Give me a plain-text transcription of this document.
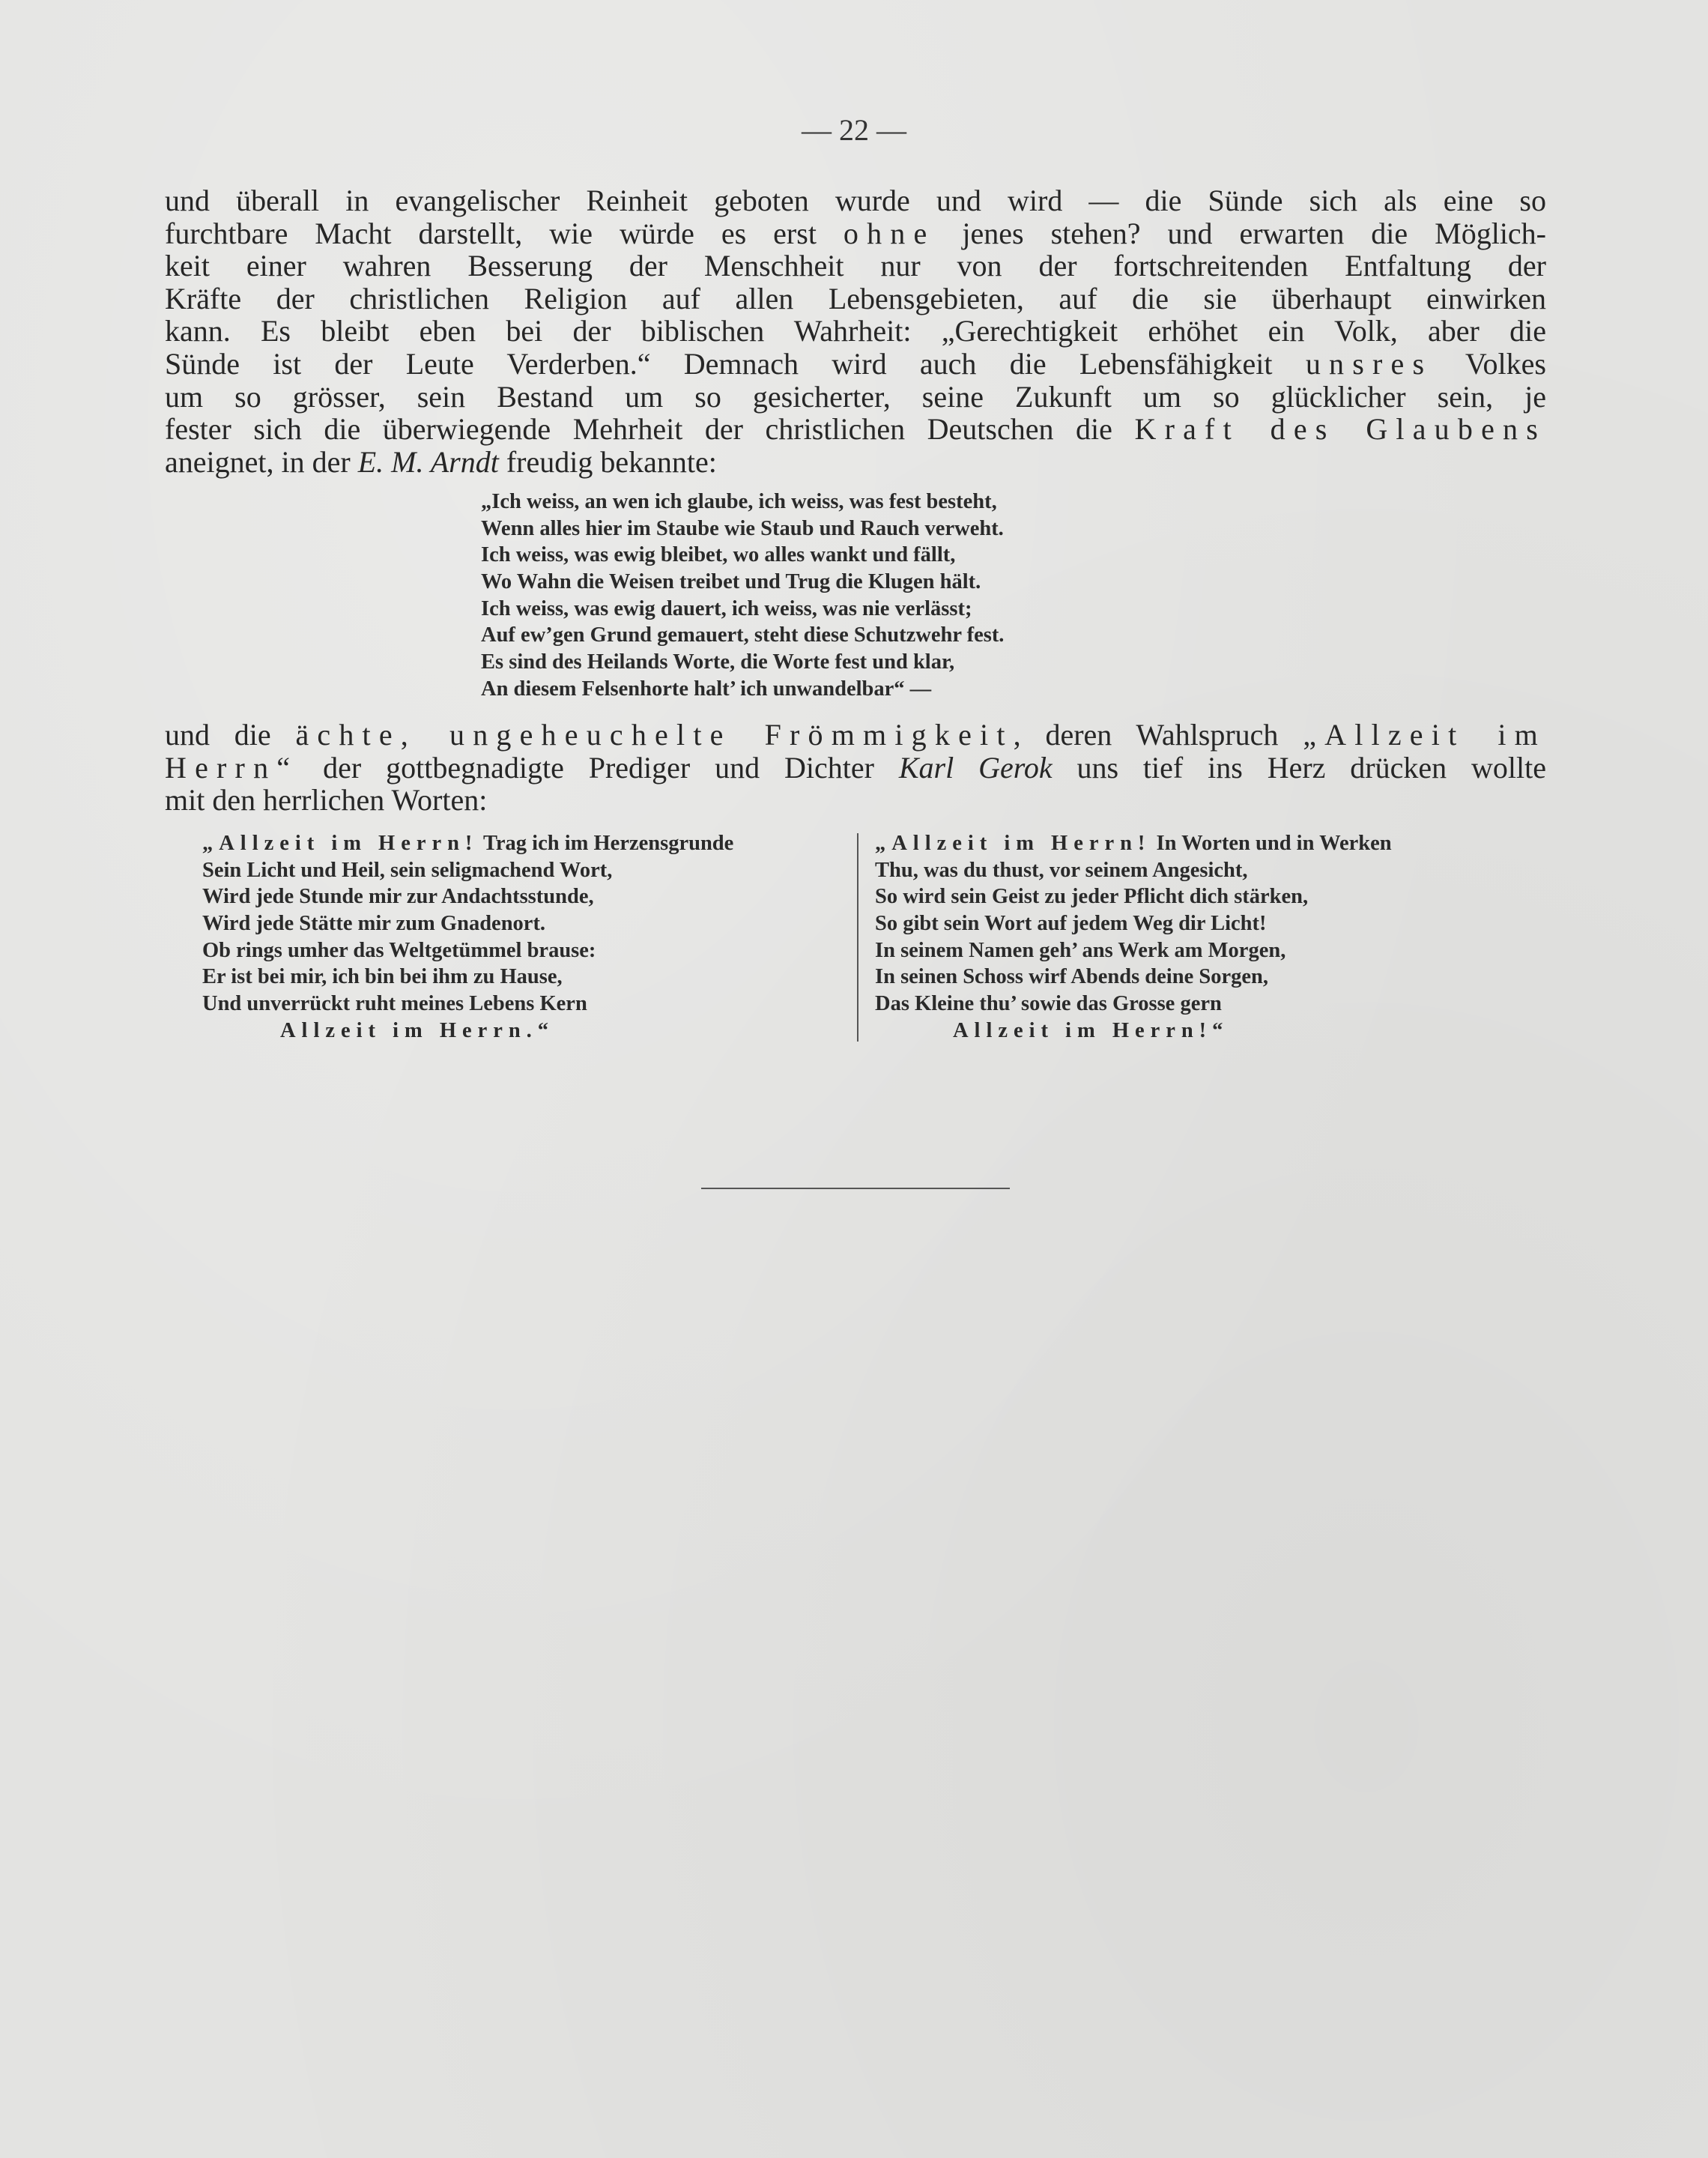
— 22 —
und überall in evangelischer Reinheit geboten wurde und wird — die Sünde sich als eine so
furchtbare Macht darstellt, wie würde es erst ohne jenes stehen? und erwarten die Möglich-
keit einer wahren Besserung der Menschheit nur von der fortschreitenden Entfaltung der
Kräfte der christlichen Religion auf allen Lebensgebieten, auf die sie überhaupt einwirken
kann. Es bleibt eben bei der biblischen Wahrheit: „Gerechtigkeit erhöhet ein Volk, aber die
Sünde ist der Leute Verderben.“ Demnach wird auch die Lebensfähigkeit unsres Volkes
um so grösser, sein Bestand um so gesicherter, seine Zukunft um so glücklicher sein, je
fester sich die überwiegende Mehrheit der christlichen Deutschen die Kraft des Glaubens
aneignet, in der E. M. Arndt freudig bekannte:
„Ich weiss, an wen ich glaube, ich weiss, was fest besteht,
Wenn alles hier im Staube wie Staub und Rauch verweht.
Ich weiss, was ewig bleibet, wo alles wankt und fällt,
Wo Wahn die Weisen treibet und Trug die Klugen hält.
Ich weiss, was ewig dauert, ich weiss, was nie verlässt;
Auf ew’gen Grund gemauert, steht diese Schutzwehr fest.
Es sind des Heilands Worte, die Worte fest und klar,
An diesem Felsenhorte halt’ ich unwandelbar“ —
und die ächte, ungeheuchelte Frömmigkeit, deren Wahlspruch „Allzeit im
Herrn“ der gottbegnadigte Prediger und Dichter Karl Gerok uns tief ins Herz drücken wollte
mit den herrlichen Worten:
„Allzeit im Herrn! Trag ich im Herzensgrunde
Sein Licht und Heil, sein seligmachend Wort,
Wird jede Stunde mir zur Andachtsstunde,
Wird jede Stätte mir zum Gnadenort.
Ob rings umher das Weltgetümmel brause:
Er ist bei mir, ich bin bei ihm zu Hause,
Und unverrückt ruht meines Lebens Kern
Allzeit im Herrn.“
„Allzeit im Herrn! In Worten und in Werken
Thu, was du thust, vor seinem Angesicht,
So wird sein Geist zu jeder Pflicht dich stärken,
So gibt sein Wort auf jedem Weg dir Licht!
In seinem Namen geh’ ans Werk am Morgen,
In seinen Schoss wirf Abends deine Sorgen,
Das Kleine thu’ sowie das Grosse gern
Allzeit im Herrn!“
